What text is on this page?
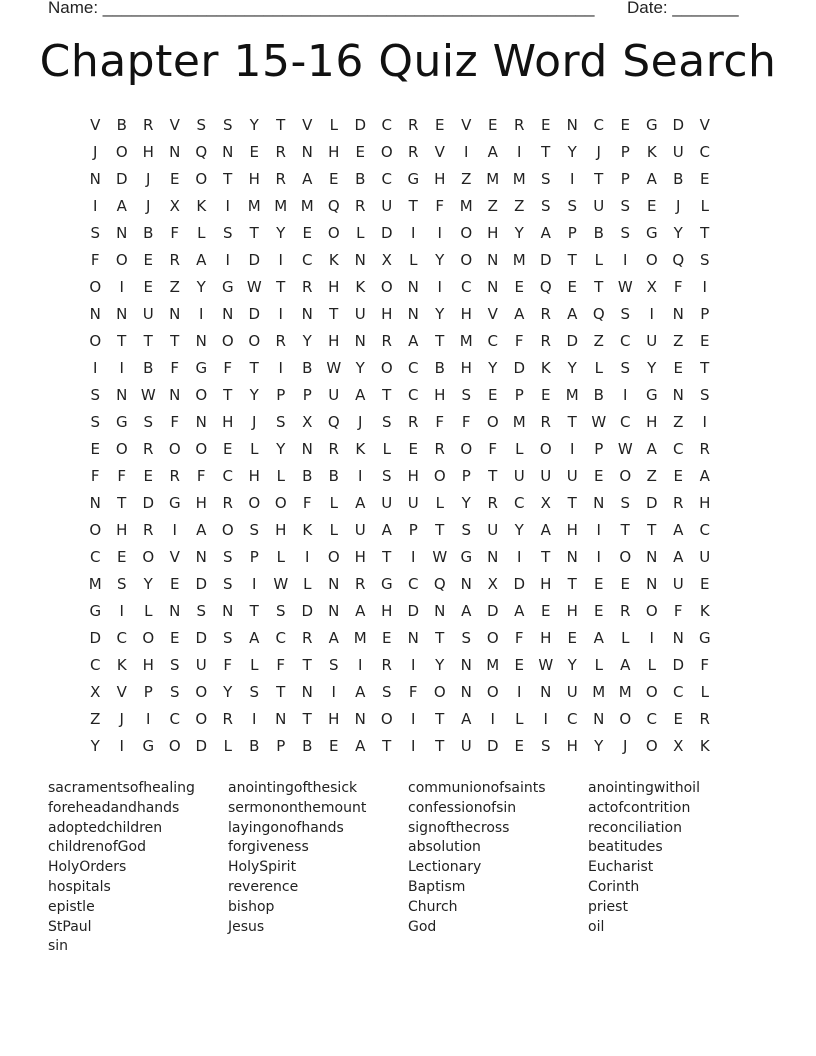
Name: ____________________________________________________ Date: _______
Chapter 15-16 Quiz Word Search
V	B	R	V	S	S	Y	T	V	L	D	C	R	E	V	E	R	E	N	C	E	G D	V
J	O H	N Q N	E	R	N	H	E	O	R	V	I	A	I	T	Y	J	P	K	U	C
N	D	J	E	O	T	H	R	A	E	B	C	G	H	Z M M	S	I	T	P	A	B	E
I	A	J	X	K	I	M M M Q	R	U	T	F	M Z	Z	S	S	U	S	E	J	L
S	N	B	F	L	S	T	Y	E	O	L	D	I	I	O H	Y	A	P	B	S	G	Y	T
F	O	E	R	A	I	D	I	C	K	N	X	L	Y	O N M D	T	L	I	O Q	S
O	I	E	Z	Y	G W T	R	H	K	O N	I	C	N	E	Q	E	T W X	F	I
N	N	U	N	I	N	D	I	N	T	U	H	N	Y	H	V	A	R	A	Q	S	I	N	P
O	T	T	T	N O O	R	Y	H	N	R	A	T	M C	F	R	D	Z	C	U	Z	E
I	I	B	F	G	F	T	I	B W Y	O	C	B	H	Y	D	K	Y	L	S	Y	E	T
S	N W N O	T	Y	P	P	U	A	T	C	H	S	E	P	E	M B	I	G	N	S
S	G	S	F	N	H	J	S	X	Q	J	S	R	F	F	O M R	T W C	H	Z	I
E	O	R	O O	E	L	Y	N	R	K	L	E	R	O	F	L	O	I	P W A	C	R
F	F	E	R	F	C	H	L	B	B	I	S	H O	P	T	U	U	U	E	O	Z	E	A
N	T	D G	H	R	O O	F	L	A	U	U	L	Y	R	C	X	T	N	S	D	R	H
O H	R	I	A	O	S	H	K	L	U	A	P	T	S	U	Y	A	H	I	T	T	A	C
C	E	O	V	N	S	P	L	I	O H	T	I	W G	N	I	T	N	I	O N	A	U
M	S	Y	E	D	S	I	W L	N	R	G	C	Q N	X	D	H	T	E	E	N	U	E
G	I	L	N	S	N	T	S	D	N	A	H	D	N	A	D	A	E	H	E	R	O	F	K
D	C	O	E	D	S	A	C	R	A M	E	N	T	S	O	F	H	E	A	L	I	N	G
C	K	H	S	U	F	L	F	T	S	I	R	I	Y	N M	E W Y	L	A	L	D	F
X	V	P	S	O	Y	S	T	N	I	A	S	F	O N O	I	N	U M M O	C	L
Z	J	I	C	O	R	I	N	T	H	N O	I	T	A	I	L	I	C	N O	C	E	R
Y	I	G O D	L	B	P	B	E	A	T	I	T	U	D	E	S	H	Y	J	O	X	K
sacramentsofhealing	anointingofthesick	communionofsaints	anointingwithoil
foreheadandhands	sermononthemount	confessionofsin	actofcontrition
adoptedchildren	layingonofhands	signofthecross	reconciliation
childrenofGod	forgiveness	absolution	beatitudes
HolyOrders	HolySpirit	Lectionary	Eucharist
hospitals	reverence	Baptism	Corinth
epistle	bishop	Church	priest
StPaul	Jesus	God	oil
sin
